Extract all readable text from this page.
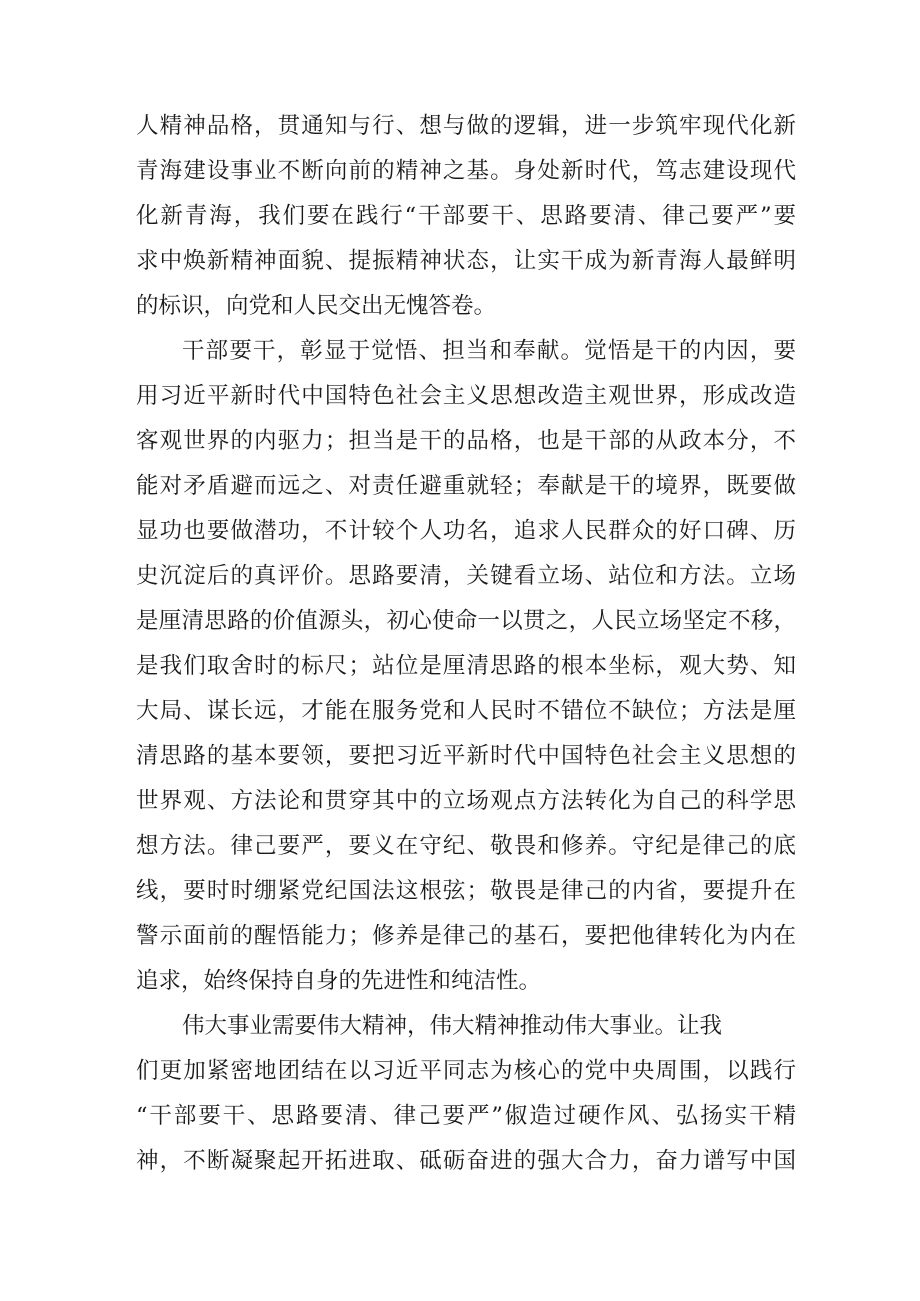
人精神品格，贯通知与行、想与做的逻辑，进一步筑牢现代化新
青海建设事业不断向前的精神之基。身处新时代，笃志建设现代
化新青海，我们要在践行“干部要干、思路要清、律己要严”要
求中焕新精神面貌、提振精神状态，让实干成为新青海人最鲜明
的标识，向党和人民交出无愧答卷。
干部要干，彰显于觉悟、担当和奉献。觉悟是干的内因，要
用习近平新时代中国特色社会主义思想改造主观世界，形成改造
客观世界的内驱力；担当是干的品格，也是干部的从政本分，不
能对矛盾避而远之、对责任避重就轻；奉献是干的境界，既要做
显功也要做潜功，不计较个人功名，追求人民群众的好口碑、历
史沉淀后的真评价。思路要清，关键看立场、站位和方法。立场
是厘清思路的价值源头，初心使命一以贯之，人民立场坚定不移，
是我们取舍时的标尺；站位是厘清思路的根本坐标，观大势、知
大局、谋长远，才能在服务党和人民时不错位不缺位；方法是厘
清思路的基本要领，要把习近平新时代中国特色社会主义思想的
世界观、方法论和贯穿其中的立场观点方法转化为自己的科学思
想方法。律己要严，要义在守纪、敬畏和修养。守纪是律己的底
线，要时时绷紧党纪国法这根弦；敬畏是律己的内省，要提升在
警示面前的醒悟能力；修养是律己的基石，要把他律转化为内在
追求，始终保持自身的先进性和纯洁性。
伟大事业需要伟大精神，伟大精神推动伟大事业。让我
们更加紧密地团结在以习近平同志为核心的党中央周围，以践行
“干部要干、思路要清、律己要严”俶造过硬作风、弘扬实干精
神，不断凝聚起开拓进取、砥砺奋进的强大合力，奋力谱写中国
